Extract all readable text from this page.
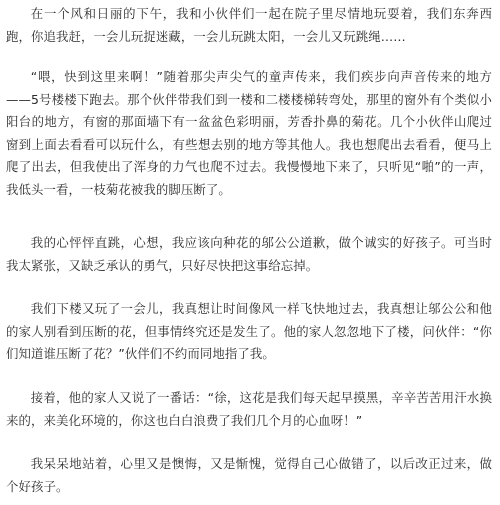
在一个风和日丽的下午，我和小伙伴们一起在院子里尽情地玩耍着，我们东奔西跑，你追我赶，一会儿玩捉迷藏，一会儿玩跳太阳，一会儿又玩跳绳……

“喂，快到这里来啊！”随着那尖声尖气的童声传来，我们疾步向声音传来的地方——5号楼楼下跑去。那个伙伴带我们到一楼和二楼楼梯转弯处，那里的窗外有个类似小阳台的地方，有窗的那面墙下有一盆盆色彩明丽，芳香扑鼻的菊花。几个小伙伴山爬过窗到上面去看看可以玩什么，有些想去别的地方等其他人。我也想爬出去看看，便马上爬了出去，但我使出了浑身的力气也爬不过去。我慢慢地下来了，只听见“啪”的一声，我低头一看，一枝菊花被我的脚压断了。

我的心怦怦直跳，心想，我应该向种花的邬公公道歉，做个诚实的好孩子。可当时我太紧张，又缺乏承认的勇气，只好尽快把这事给忘掉。

我们下楼又玩了一会儿，我真想让时间像风一样飞快地过去，我真想让邬公公和他的家人别看到压断的花，但事情终究还是发生了。他的家人忽忽地下了楼，问伙伴：“你们知道谁压断了花？”伙伴们不约而同地指了我。

接着，他的家人又说了一番话：“徐，这花是我们每天起早摸黑，辛辛苦苦用汗水换来的，来美化环境的，你这也白白浪费了我们几个月的心血呀！”

我呆呆地站着，心里又是懊悔，又是惭愧，觉得自己心做错了，以后改正过来，做个好孩子。
